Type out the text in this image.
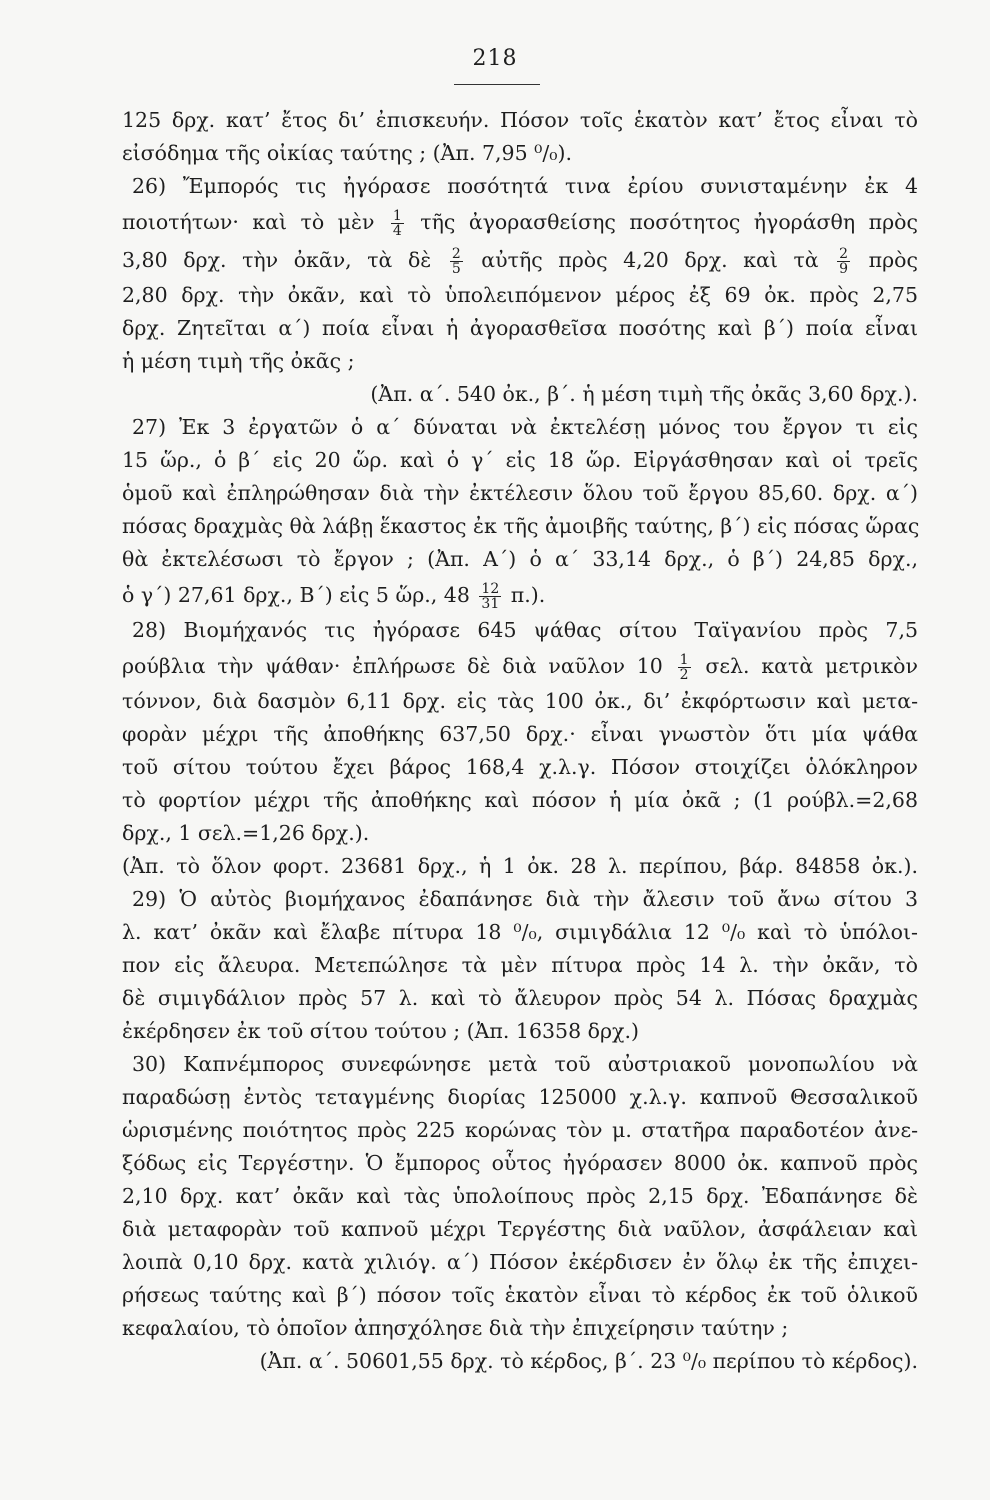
218
125 δρχ. κατ’ ἔτος δι’ ἐπισκευήν. Πόσον τοῖς ἑκατὸν κατ’ ἔτος εἶναι τὸ
εἰσόδημα τῆς οἰκίας ταύτης ; (Ἀπ. 7,95 ⁰/₀).
26) Ἔμπορός τις ἠγόρασε ποσότητά τινα ἐρίου συνισταμένην ἐκ 4
ποιοτήτων· καὶ τὸ μὲν $\frac{1}{4}$ τῆς ἀγορασθείσης ποσότητος ἠγοράσθη πρὸς
3,80 δρχ. τὴν ὀκᾶν, τὰ δὲ $\frac{2}{5}$ αὐτῆς πρὸς 4,20 δρχ. καὶ τὰ $\frac{2}{9}$ πρὸς
2,80 δρχ. τὴν ὀκᾶν, καὶ τὸ ὑπολειπόμενον μέρος ἐξ 69 ὀκ. πρὸς 2,75
δρχ. Ζητεῖται α΄) ποία εἶναι ἡ ἀγορασθεῖσα ποσότης καὶ β΄) ποία εἶναι
ἡ μέση τιμὴ τῆς ὀκᾶς ;
(Ἀπ. α΄. 540 ὀκ., β΄. ἡ μέση τιμὴ τῆς ὀκᾶς 3,60 δρχ.).
27) Ἐκ 3 ἐργατῶν ὁ α΄ δύναται νὰ ἐκτελέσῃ μόνος του ἔργον τι εἰς
15 ὥρ., ὁ β΄ εἰς 20 ὥρ. καὶ ὁ γ΄ εἰς 18 ὥρ. Εἰργάσθησαν καὶ οἱ τρεῖς
ὁμοῦ καὶ ἐπληρώθησαν διὰ τὴν ἐκτέλεσιν ὅλου τοῦ ἔργου 85,60. δρχ. α΄)
πόσας δραχμὰς θὰ λάβῃ ἕκαστος ἐκ τῆς ἀμοιβῆς ταύτης, β΄) εἰς πόσας ὥρας
θὰ ἐκτελέσωσι τὸ ἔργον ; (Ἀπ. Α΄) ὁ α΄ 33,14 δρχ., ὁ β΄) 24,85 δρχ.,
ὁ γ΄) 27,61 δρχ., Β΄) εἰς 5 ὥρ., $48 \frac{12}{31} \pi$.).
28) Βιομήχανός τις ἠγόρασε 645 ψάθας σίτου Ταϊγανίου πρὸς 7,5
ρούβλια τὴν ψάθαν· ἐπλήρωσε δὲ διὰ ναῦλον $10 \frac{1}{2} \sigma\varepsilon\lambda$. κατὰ μετρικὸν
τόννον, διὰ δασμὸν 6,11 δρχ. εἰς τὰς 100 ὀκ., δι’ ἐκφόρτωσιν καὶ μετα-
φορὰν μέχρι τῆς ἀποθήκης 637,50 δρχ.· εἶναι γνωστὸν ὅτι μία ψάθα
τοῦ σίτου τούτου ἔχει βάρος 168,4 χ.λ.γ. Πόσον στοιχίζει ὁλόκληρον
τὸ φορτίον μέχρι τῆς ἀποθήκης καὶ πόσον ἡ μία ὀκᾶ ; (1 ρούβλ.=2,68
δρχ., 1 σελ.=1,26 δρχ.).
(Ἀπ. τὸ ὅλον φορτ. 23681 δρχ., ἡ 1 ὀκ. 28 λ. περίπου, βάρ. 84858 ὀκ.).
29) Ὁ αὐτὸς βιομήχανος ἐδαπάνησε διὰ τὴν ἄλεσιν τοῦ ἄνω σίτου 3
λ. κατ’ ὀκᾶν καὶ ἔλαβε πίτυρα 18 ⁰/₀, σιμιγδάλια 12 ⁰/₀ καὶ τὸ ὑπόλοι-
πον εἰς ἄλευρα. Μετεπώλησε τὰ μὲν πίτυρα πρὸς 14 λ. τὴν ὀκᾶν, τὸ
δὲ σιμιγδάλιον πρὸς 57 λ. καὶ τὸ ἄλευρον πρὸς 54 λ. Πόσας δραχμὰς
ἐκέρδησεν ἐκ τοῦ σίτου τούτου ; (Ἀπ. 16358 δρχ.)
30) Καπνέμπορος συνεφώνησε μετὰ τοῦ αὐστριακοῦ μονοπωλίου νὰ
παραδώσῃ ἐντὸς τεταγμένης διορίας 125000 χ.λ.γ. καπνοῦ Θεσσαλικοῦ
ὡρισμένης ποιότητος πρὸς 225 κορώνας τὸν μ. στατῆρα παραδοτέον ἀνε-
ξόδως εἰς Τεργέστην. Ὁ ἔμπορος οὗτος ἠγόρασεν 8000 ὀκ. καπνοῦ πρὸς
2,10 δρχ. κατ’ ὀκᾶν καὶ τὰς ὑπολοίπους πρὸς 2,15 δρχ. Ἐδαπάνησε δὲ
διὰ μεταφορὰν τοῦ καπνοῦ μέχρι Τεργέστης διὰ ναῦλον, ἀσφάλειαν καὶ
λοιπὰ 0,10 δρχ. κατὰ χιλιόγ. α΄) Πόσον ἐκέρδισεν ἐν ὅλῳ ἐκ τῆς ἐπιχει-
ρήσεως ταύτης καὶ β΄) πόσον τοῖς ἑκατὸν εἶναι τὸ κέρδος ἐκ τοῦ ὁλικοῦ
κεφαλαίου, τὸ ὁποῖον ἀπησχόλησε διὰ τὴν ἐπιχείρησιν ταύτην ;
(Ἀπ. α΄. 50601,55 δρχ. τὸ κέρδος, β΄. 23 ⁰/₀ περίπου τὸ κέρδος).
